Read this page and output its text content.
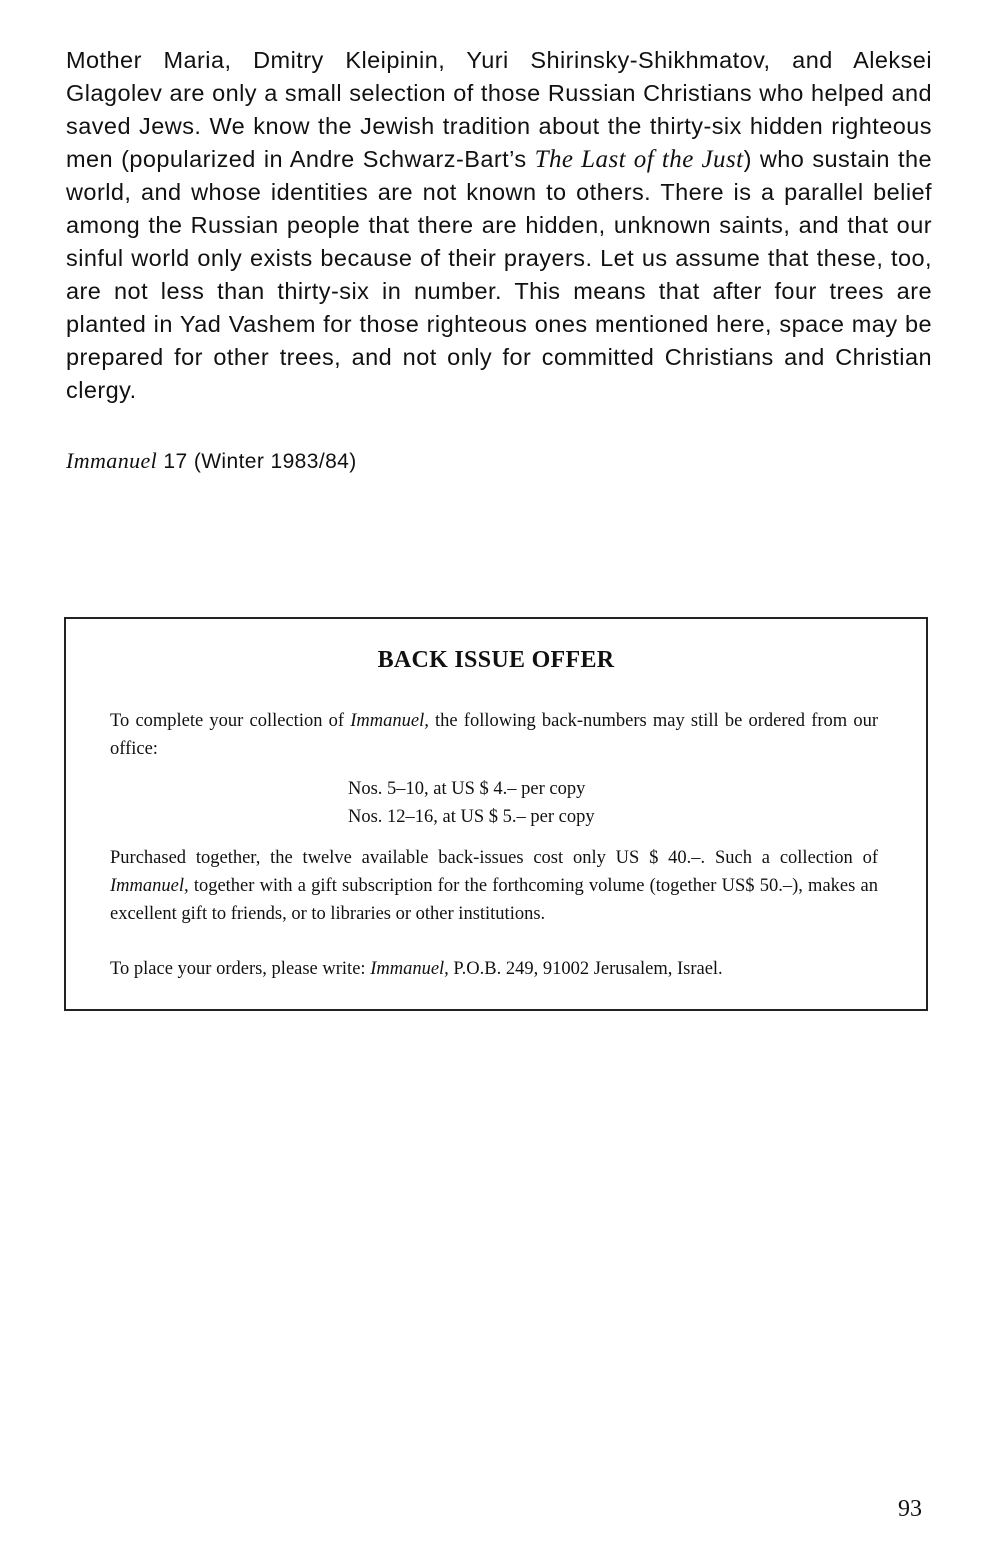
Mother Maria, Dmitry Kleipinin, Yuri Shirinsky-Shikhmatov, and Aleksei Glagolev are only a small selection of those Russian Christians who helped and saved Jews. We know the Jewish tradition about the thirty-six hidden righteous men (popularized in Andre Schwarz-Bart’s The Last of the Just) who sustain the world, and whose identities are not known to others. There is a parallel belief among the Russian people that there are hidden, unknown saints, and that our sinful world only exists because of their prayers. Let us assume that these, too, are not less than thirty-six in number. This means that after four trees are planted in Yad Vashem for those righteous ones mentioned here, space may be prepared for other trees, and not only for committed Christians and Christian clergy.

Immanuel 17 (Winter 1983/84)

BACK ISSUE OFFER

To complete your collection of Immanuel, the following back-numbers may still be ordered from our office:

Nos. 5–10, at US $ 4.– per copy
Nos. 12–16, at US $ 5.– per copy

Purchased together, the twelve available back-issues cost only US $ 40.–. Such a collection of Immanuel, together with a gift subscription for the forthcoming volume (together US$ 50.–), makes an excellent gift to friends, or to libraries or other institutions.

To place your orders, please write: Immanuel, P.O.B. 249, 91002 Jerusalem, Israel.

93
